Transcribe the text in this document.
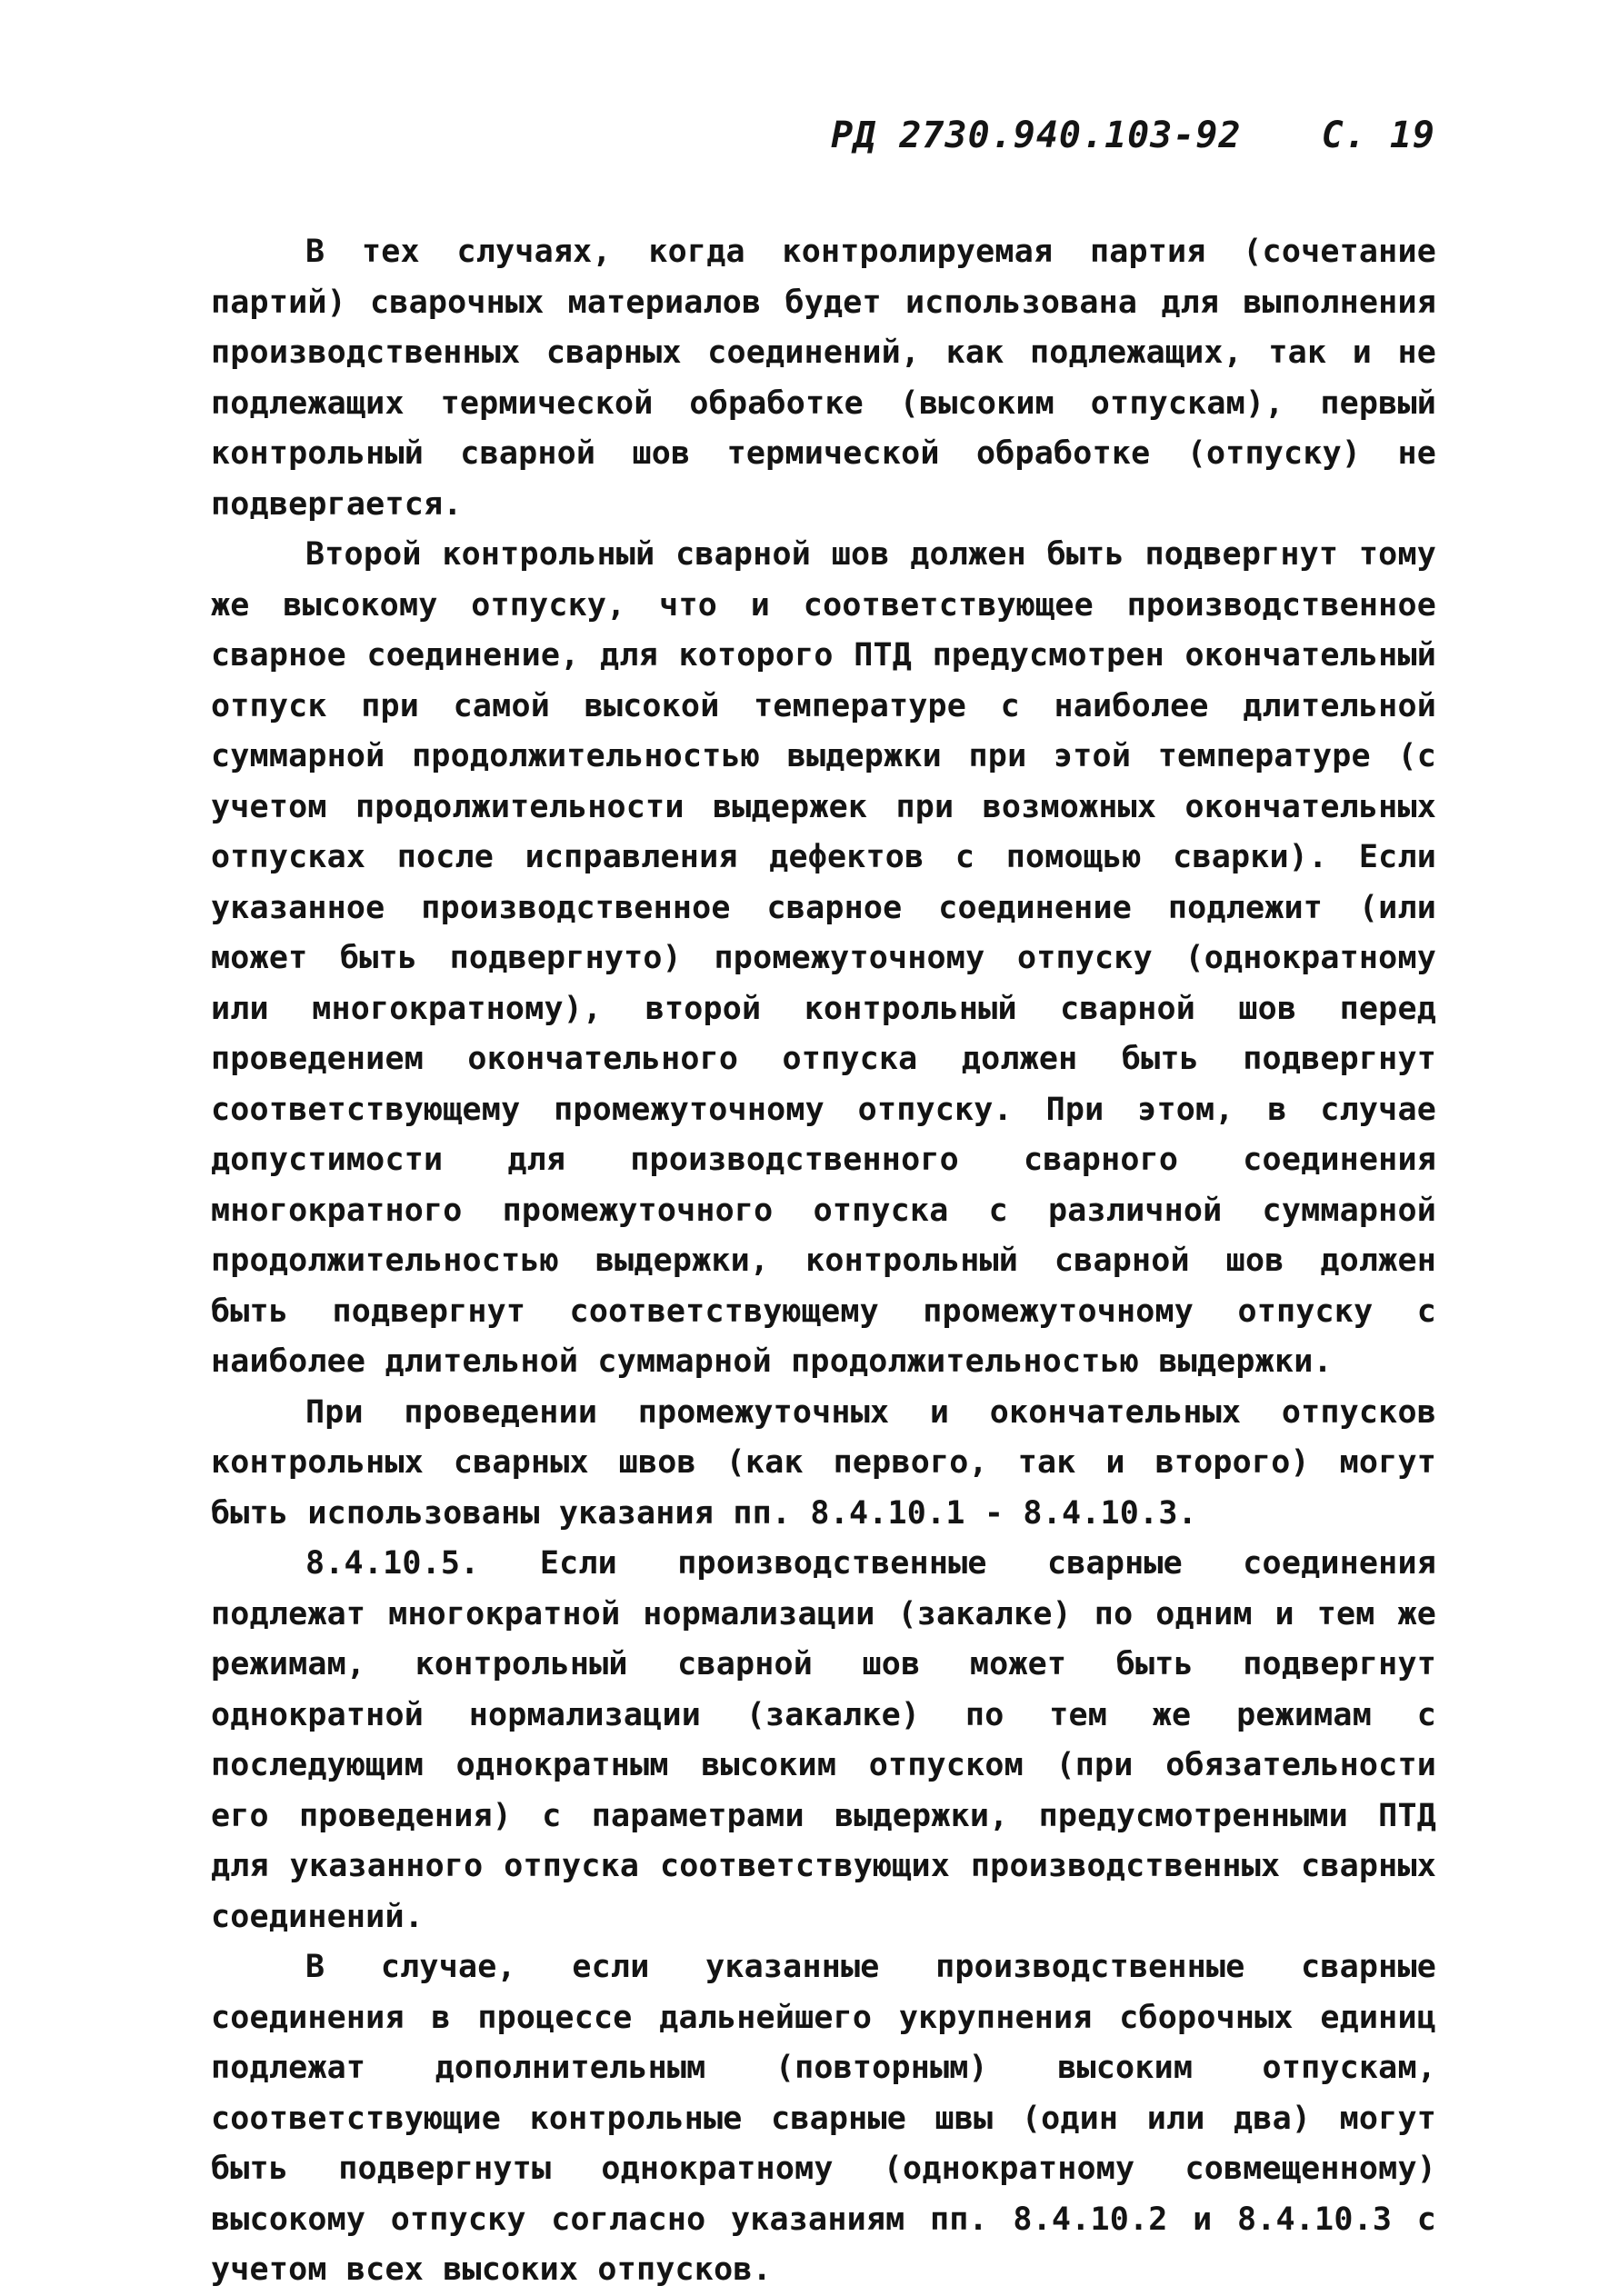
РД 2730.940.103-92 С. 19

В тех случаях, когда контролируемая партия (сочетание партий) сварочных материалов будет использована для выполнения производственных сварных соединений, как подлежащих, так и не подлежащих термической обработке (высоким отпускам), первый контрольный сварной шов термической обработке (отпуску) не подвергается.

Второй контрольный сварной шов должен быть подвергнут тому же высокому отпуску, что и соответствующее производственное сварное соединение, для которого ПТД предусмотрен окончательный отпуск при самой высокой температуре с наиболее длительной суммарной продолжительностью выдержки при этой температуре (с учетом продолжительности выдержек при возможных окончательных отпусках после исправления дефектов с помощью сварки). Если указанное производственное сварное соединение подлежит (или может быть подвергнуто) промежуточному отпуску (однократному или многократному), второй контрольный сварной шов перед проведением окончательного отпуска должен быть подвергнут соответствующему промежуточному отпуску. При этом, в случае допустимости для производственного сварного соединения многократного промежуточного отпуска с различной суммарной продолжительностью выдержки, контрольный сварной шов должен быть подвергнут соответствующему промежуточному отпуску с наиболее длительной суммарной продолжительностью выдержки.

При проведении промежуточных и окончательных отпусков контрольных сварных швов (как первого, так и второго) могут быть использованы указания пп. 8.4.10.1 - 8.4.10.3.

8.4.10.5. Если производственные сварные соединения подлежат многократной нормализации (закалке) по одним и тем же режимам, контрольный сварной шов может быть подвергнут однократной нормализации (закалке) по тем же режимам с последующим однократным высоким отпуском (при обязательности его проведения) с параметрами выдержки, предусмотренными ПТД для указанного отпуска соответствующих производственных сварных соединений.

В случае, если указанные производственные сварные соединения в процессе дальнейшего укрупнения сборочных единиц подлежат дополнительным (повторным) высоким отпускам, соответствующие контрольные сварные швы (один или два) могут быть подвергнуты однократному (однократному совмещенному) высокому отпуску согласно указаниям пп. 8.4.10.2 и 8.4.10.3 с учетом всех высоких отпусков.
